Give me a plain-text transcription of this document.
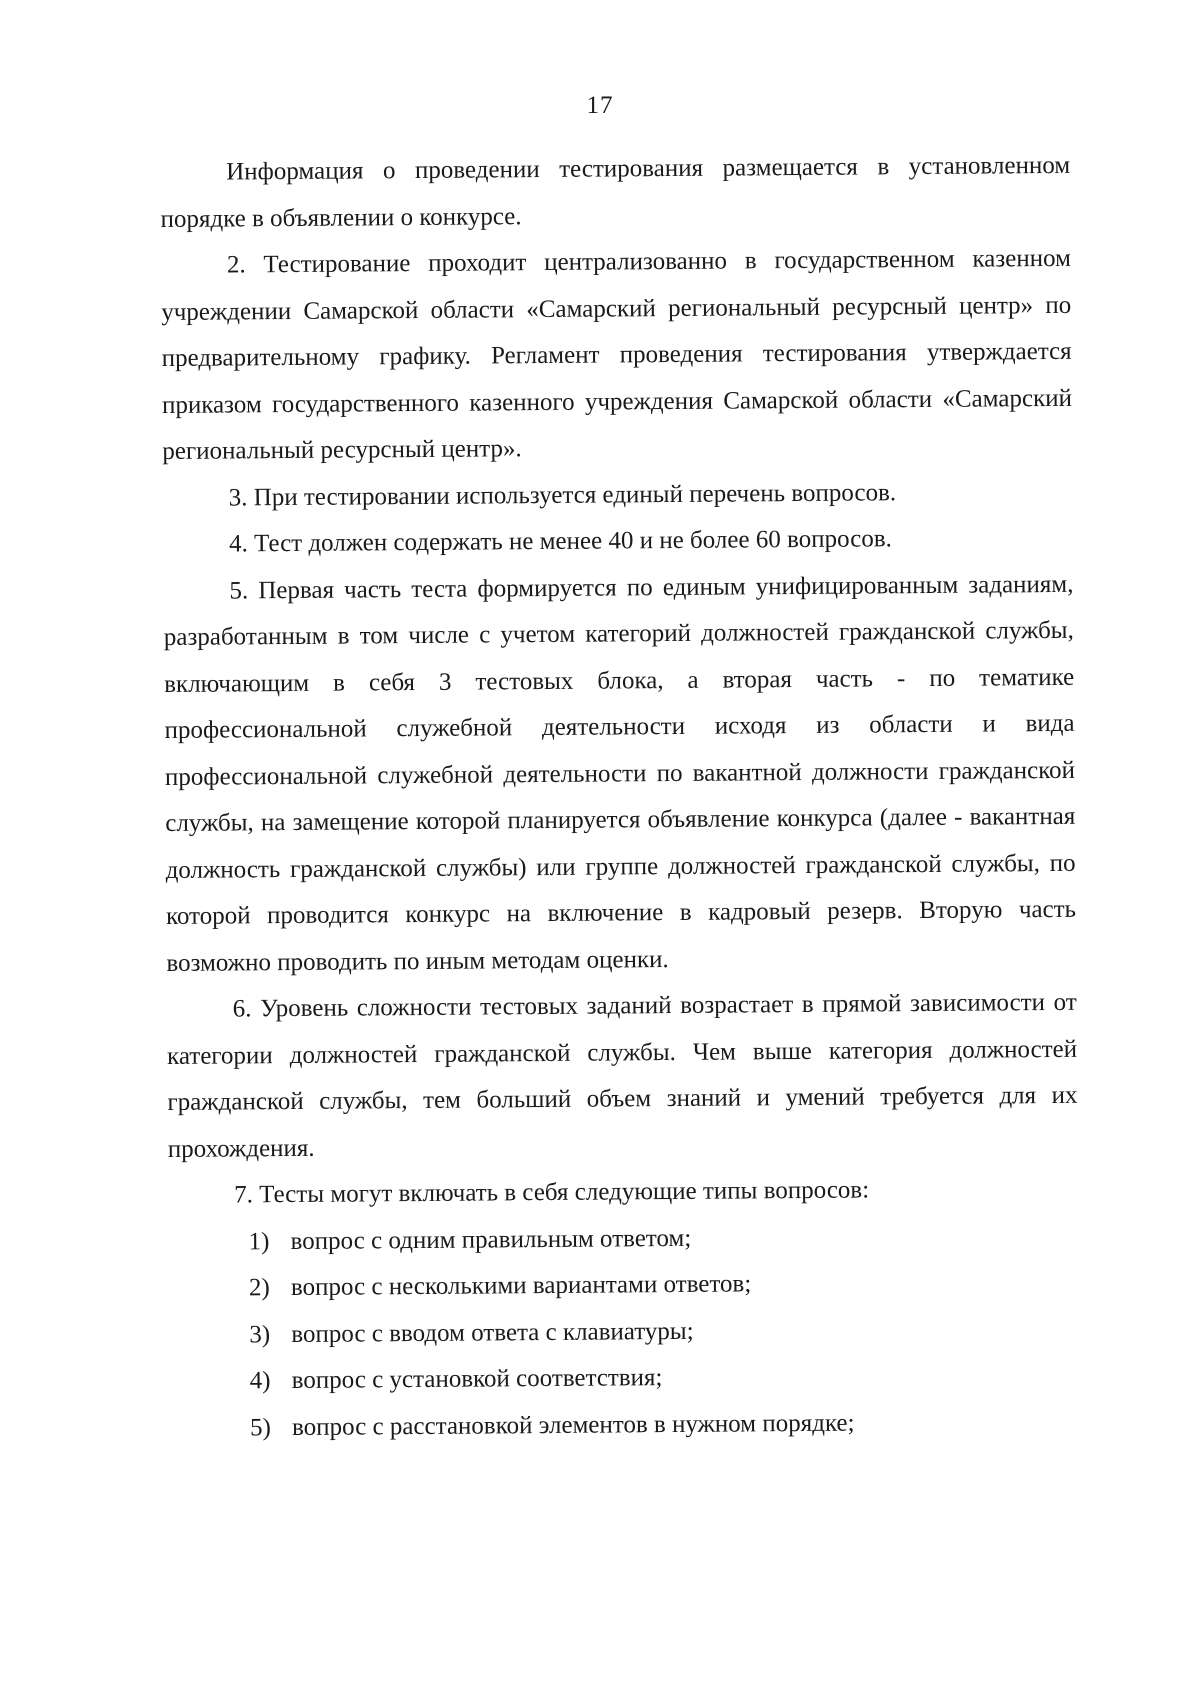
17

Информация о проведении тестирования размещается в установленном порядке в объявлении о конкурсе.

2. Тестирование проходит централизованно в государственном казенном учреждении Самарской области «Самарский региональный ресурсный центр» по предварительному графику. Регламент проведения тестирования утверждается приказом государственного казенного учреждения Самарской области «Самарский региональный ресурсный центр».

3. При тестировании используется единый перечень вопросов.

4. Тест должен содержать не менее 40 и не более 60 вопросов.

5. Первая часть теста формируется по единым унифицированным заданиям, разработанным в том числе с учетом категорий должностей гражданской службы, включающим в себя 3 тестовых блока, а вторая часть - по тематике профессиональной служебной деятельности исходя из области и вида профессиональной служебной деятельности по вакантной должности гражданской службы, на замещение которой планируется объявление конкурса (далее - вакантная должность гражданской службы) или группе должностей гражданской службы, по которой проводится конкурс на включение в кадровый резерв. Вторую часть возможно проводить по иным методам оценки.

6. Уровень сложности тестовых заданий возрастает в прямой зависимости от категории должностей гражданской службы. Чем выше категория должностей гражданской службы, тем больший объем знаний и умений требуется для их прохождения.

7. Тесты могут включать в себя следующие типы вопросов:

1) вопрос с одним правильным ответом;
2) вопрос с несколькими вариантами ответов;
3) вопрос с вводом ответа с клавиатуры;
4) вопрос с установкой соответствия;
5) вопрос с расстановкой элементов в нужном порядке;
